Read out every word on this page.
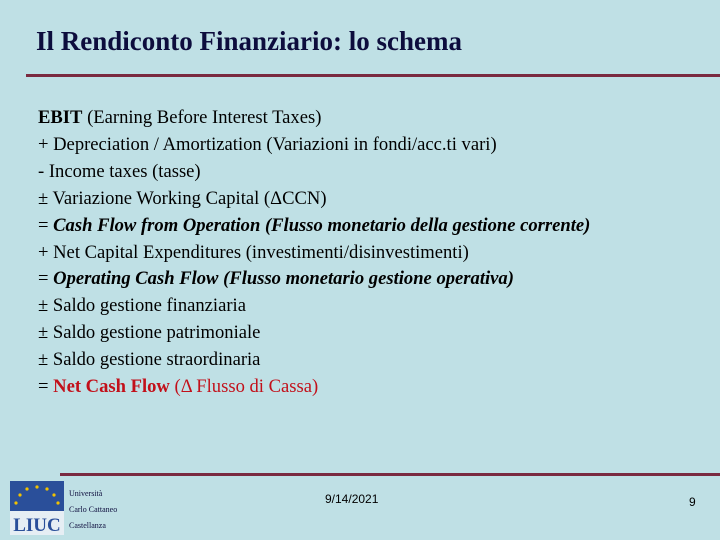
Il Rendiconto Finanziario: lo schema
EBIT (Earning Before Interest Taxes)
+ Depreciation / Amortization (Variazioni in fondi/acc.ti vari)
- Income taxes (tasse)
± Variazione Working Capital (ΔCCN)
= Cash Flow from Operation (Flusso monetario della gestione corrente)
+ Net Capital Expenditures (investimenti/disinvestimenti)
= Operating Cash Flow (Flusso monetario gestione operativa)
± Saldo gestione finanziaria
± Saldo gestione patrimoniale
± Saldo gestione straordinaria
= Net Cash Flow (Δ Flusso di Cassa)
LIUC
Università
Carlo Cattaneo
Castellanza
9/14/2021	9
